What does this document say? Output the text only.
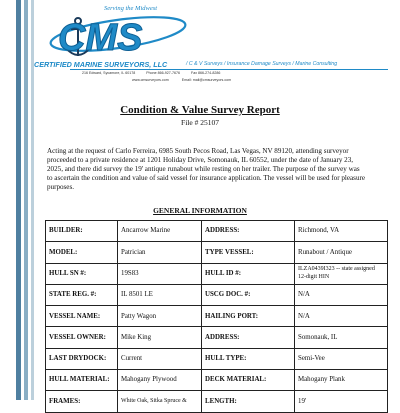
Serving the Midwest
CMS
CERTIFIED MARINE SURVEYORS, LLC	/ C & V Surveys / Insurance Damage Surveys / Marine Consulting
216 Edward, Sycamore, IL 60178	Phone 866-927-7676	Fax 866-274-8286
www.cmsurveyors.com	Email: mail@cmsurveyors.com
Condition & Value Survey Report
File # 25107
Acting at the request of Carlo Ferreira, 6985 South Pecos Road, Las Vegas, NV 89120, attending surveyor proceeded to a private residence at 1201 Holiday Drive, Somonauk, IL 60552, under the date of January 23, 2025, and there did survey the 19' antique runabout while resting on her trailer. The purpose of the survey was to ascertain the condition and value of said vessel for insurance application. The vessel will be used for pleasure purposes.
GENERAL INFORMATION
BUILDER:	Ancarrow Marine	ADDRESS:	Richmond, VA
MODEL:	Patrician	TYPE VESSEL:	Runabout / Antique
HULL SN #:	19S83	HULL ID #:	ILZA0439I323 -- state assigned 12-digit HIN
STATE REG. #:	IL 8501 LE	USCG DOC. #:	N/A
VESSEL NAME:	Patty Wagon	HAILING PORT:	N/A
VESSEL OWNER:	Mike King	ADDRESS:	Somonauk, IL
LAST DRYDOCK:	Current	HULL TYPE:	Semi-Vee
HULL MATERIAL:	Mahogany Plywood	DECK MATERIAL:	Mahogany Plank
FRAMES:	White Oak, Sitka Spruce &	LENGTH:	19'
